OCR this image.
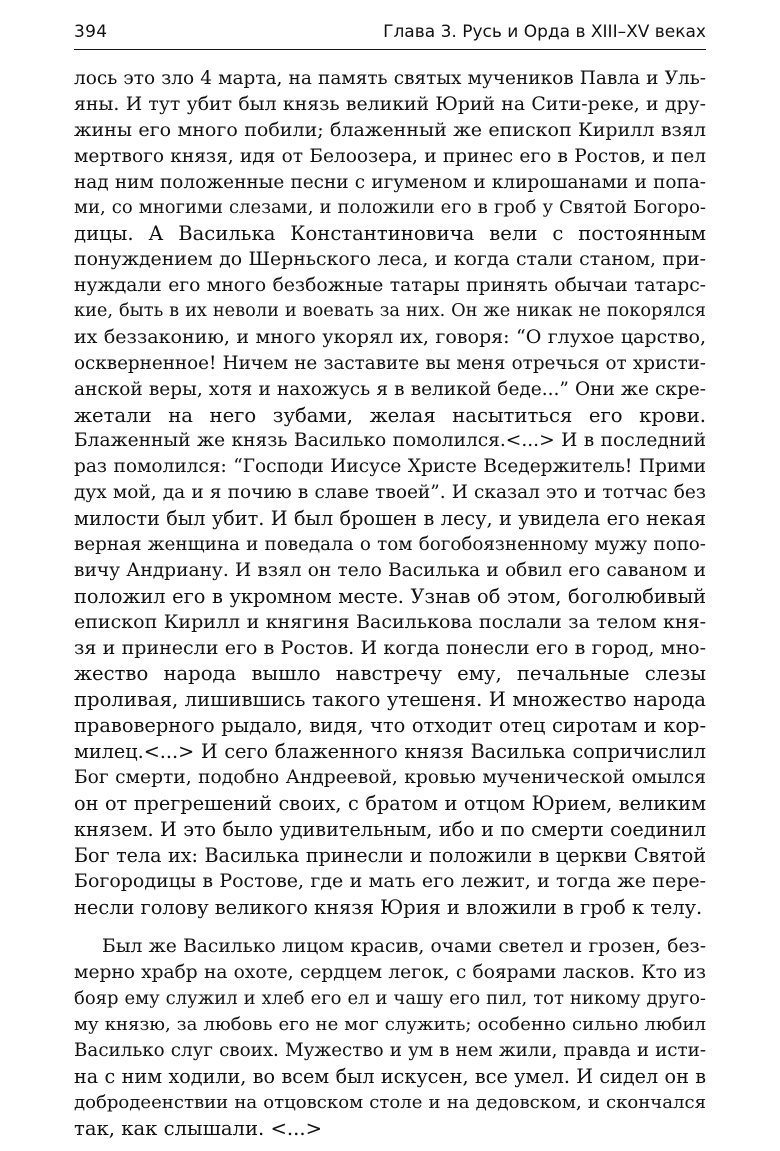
394	Глава 3. Русь и Орда в XIII–XV веках
лось это зло 4 марта, на память святых мучеников Павла и Уль-
яны. И тут убит был князь великий Юрий на Сити-реке, и дру-
жины его много побили; блаженный же епископ Кирилл взял
мертвого князя, идя от Белоозера, и принес его в Ростов, и пел
над ним положенные песни с игуменом и клирошанами и попа-
ми, со многими слезами, и положили его в гроб у Святой Богоро-
дицы. А Василька Константиновича вели с постоянным
понуждением до Шерньского леса, и когда стали станом, при-
нуждали его много безбожные татары принять обычаи татарс-
кие, быть в их неволи и воевать за них. Он же никак не покорялся
их беззаконию, и много укорял их, говоря: “О глухое царство,
оскверненное! Ничем не заставите вы меня отречься от христи-
анской веры, хотя и нахожусь я в великой беде...” Они же скре-
жетали на него зубами, желая насытиться его крови.
Блаженный же князь Василько помолился.<...> И в последний
раз помолился: “Господи Иисусе Христе Вседержитель! Прими
дух мой, да и я почию в славе твоей”. И сказал это и тотчас без
милости был убит. И был брошен в лесу, и увидела его некая
верная женщина и поведала о том богобоязненному мужу попо-
вичу Андриану. И взял он тело Василька и обвил его саваном и
положил его в укромном месте. Узнав об этом, боголюбивый
епископ Кирилл и княгиня Василькова послали за телом кня-
зя и принесли его в Ростов. И когда понесли его в город, мно-
жество народа вышло навстречу ему, печальные слезы
проливая, лишившись такого утешеня. И множество народа
правоверного рыдало, видя, что отходит отец сиротам и кор-
милец.<...> И сего блаженного князя Василька сопричислил
Бог смерти, подобно Андреевой, кровью мученической омылся
он от прегрешений своих, с братом и отцом Юрием, великим
князем. И это было удивительным, ибо и по смерти соединил
Бог тела их: Василька принесли и положили в церкви Святой
Богородицы в Ростове, где и мать его лежит, и тогда же пере-
несли голову великого князя Юрия и вложили в гроб к телу.
Был же Василько лицом красив, очами светел и грозен, без-
мерно храбр на охоте, сердцем легок, с боярами ласков. Кто из
бояр ему служил и хлеб его ел и чашу его пил, тот никому друго-
му князю, за любовь его не мог служить; особенно сильно любил
Василько слуг своих. Мужество и ум в нем жили, правда и исти-
на с ним ходили, во всем был искусен, все умел. И сидел он в
добродеенствии на отцовском столе и на дедовском, и скончался
так, как слышали. <...>
